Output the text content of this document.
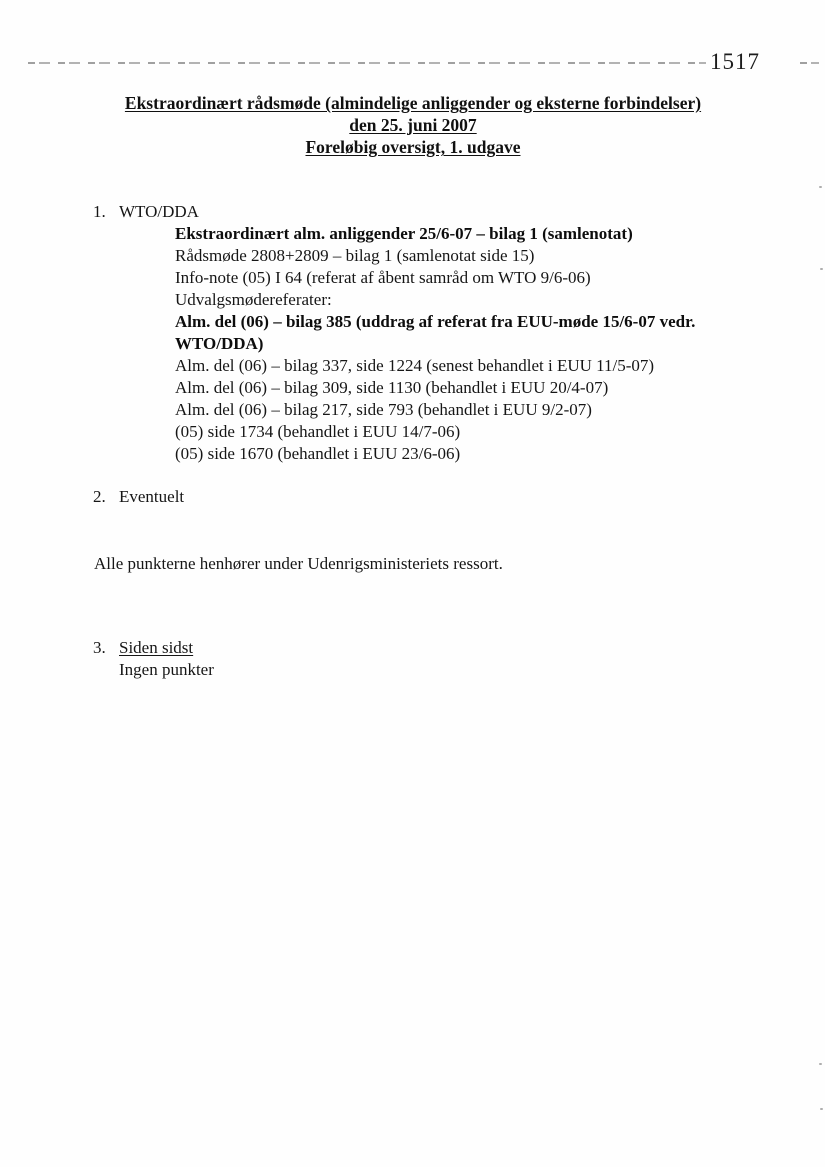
1517
Ekstraordinært rådsmøde (almindelige anliggender og eksterne forbindelser)
den 25. juni 2007
Foreløbig oversigt, 1. udgave
1. WTO/DDA
Ekstraordinært alm. anliggender 25/6-07 – bilag 1 (samlenotat)
Rådsmøde 2808+2809 – bilag 1 (samlenotat side 15)
Info-note (05) I 64 (referat af åbent samråd om WTO 9/6-06)
Udvalgsmødereferater:
Alm. del (06) – bilag 385 (uddrag af referat fra EUU-møde 15/6-07 vedr. WTO/DDA)
Alm. del (06) – bilag 337, side 1224 (senest behandlet i EUU 11/5-07)
Alm. del (06) – bilag 309, side 1130 (behandlet i EUU 20/4-07)
Alm. del (06) – bilag 217, side 793 (behandlet i EUU 9/2-07)
(05) side 1734 (behandlet i EUU 14/7-06)
(05) side 1670 (behandlet i EUU 23/6-06)
2. Eventuelt
Alle punkterne henhører under Udenrigsministeriets ressort.
3. Siden sidst
Ingen punkter
